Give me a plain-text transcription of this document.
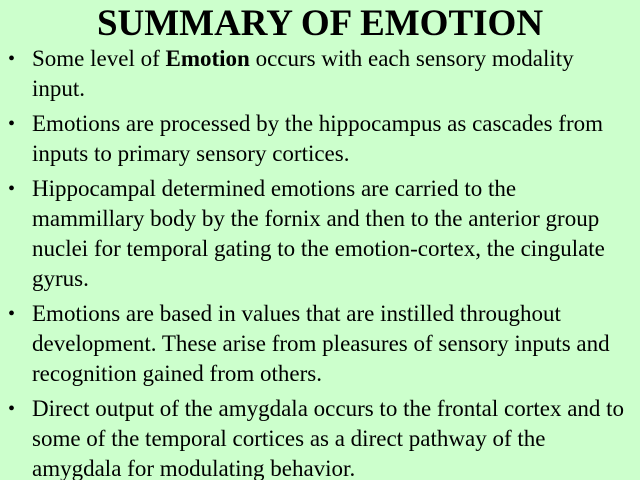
SUMMARY OF EMOTION
• Some level of Emotion occurs with each sensory modality input.
• Emotions are processed by the hippocampus as cascades from inputs to primary sensory cortices.
• Hippocampal determined emotions are carried to the mammillary body by the fornix and then to the anterior group nuclei for temporal gating to the emotion-cortex, the cingulate gyrus.
• Emotions are based in values that are instilled throughout development. These arise from pleasures of sensory inputs and recognition gained from others.
• Direct output of the amygdala occurs to the frontal cortex and to some of the temporal cortices as a direct pathway of the amygdala for modulating behavior.
